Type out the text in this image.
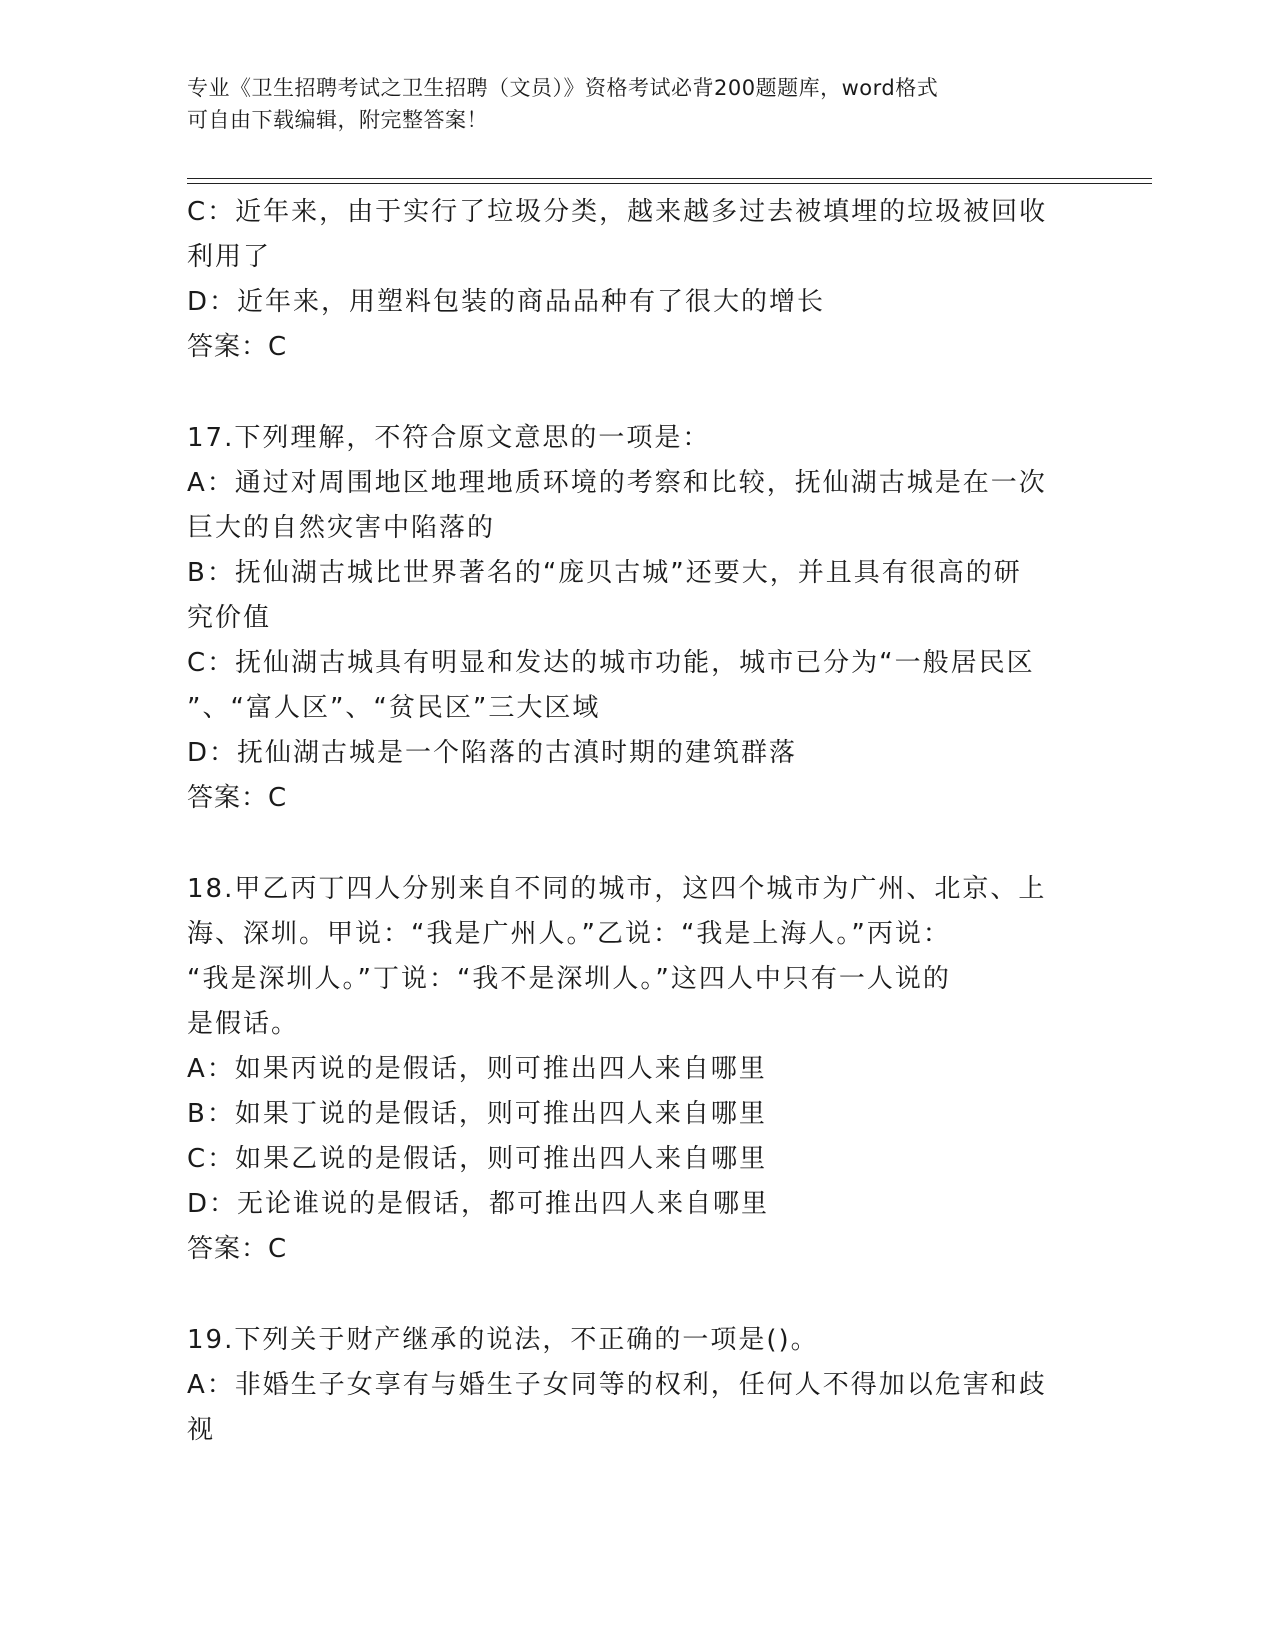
专业《卫生招聘考试之卫生招聘（文员）》资格考试必背200题题库，word格式
可自由下载编辑，附完整答案！
C：近年来，由于实行了垃圾分类，越来越多过去被填埋的垃圾被回收
利用了
D：近年来，用塑料包装的商品品种有了很大的增长
答案：C
17.下列理解，不符合原文意思的一项是：
A：通过对周围地区地理地质环境的考察和比较，抚仙湖古城是在一次
巨大的自然灾害中陷落的
B：抚仙湖古城比世界著名的“庞贝古城”还要大，并且具有很高的研
究价值
C：抚仙湖古城具有明显和发达的城市功能，城市已分为“一般居民区
”、“富人区”、“贫民区”三大区域
D：抚仙湖古城是一个陷落的古滇时期的建筑群落
答案：C
18.甲乙丙丁四人分别来自不同的城市，这四个城市为广州、北京、上
海、深圳。甲说：“我是广州人。”乙说：“我是上海人。”丙说：
“我是深圳人。”丁说：“我不是深圳人。”这四人中只有一人说的
是假话。
A：如果丙说的是假话，则可推出四人来自哪里
B：如果丁说的是假话，则可推出四人来自哪里
C：如果乙说的是假话，则可推出四人来自哪里
D：无论谁说的是假话，都可推出四人来自哪里
答案：C
19.下列关于财产继承的说法，不正确的一项是()。
A：非婚生子女享有与婚生子女同等的权利，任何人不得加以危害和歧
视
